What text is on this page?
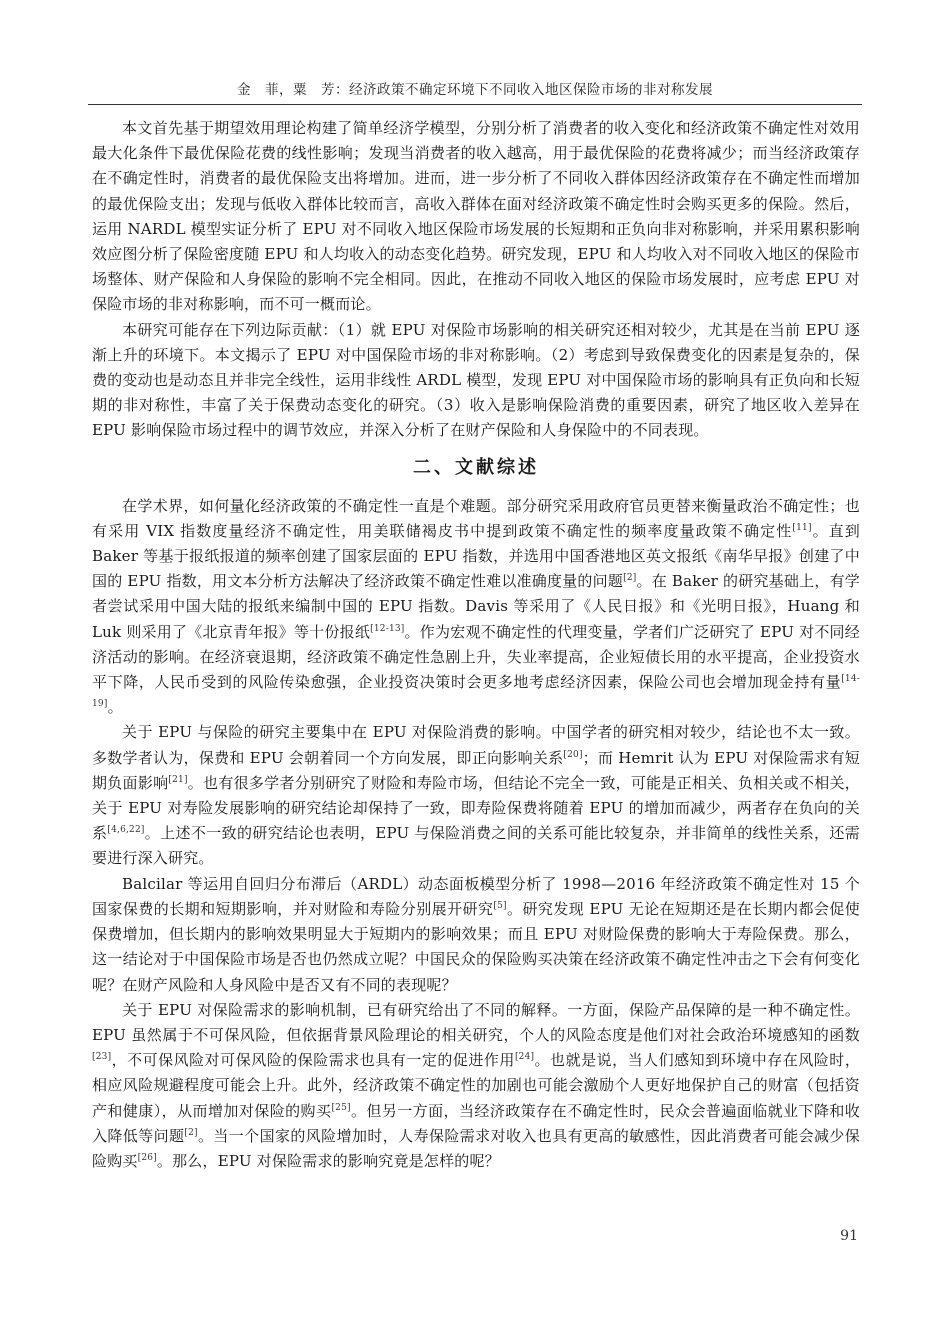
金　菲，粟　芳：经济政策不确定环境下不同收入地区保险市场的非对称发展

本文首先基于期望效用理论构建了简单经济学模型，分别分析了消费者的收入变化和经济政策不确定性对效用最大化条件下最优保险花费的线性影响；发现当消费者的收入越高，用于最优保险的花费将减少；而当经济政策存在不确定性时，消费者的最优保险支出将增加。进而，进一步分析了不同收入群体因经济政策存在不确定性而增加的最优保险支出；发现与低收入群体比较而言，高收入群体在面对经济政策不确定性时会购买更多的保险。然后，运用 NARDL 模型实证分析了 EPU 对不同收入地区保险市场发展的长短期和正负向非对称影响，并采用累积影响效应图分析了保险密度随 EPU 和人均收入的动态变化趋势。研究发现，EPU 和人均收入对不同收入地区的保险市场整体、财产保险和人身保险的影响不完全相同。因此，在推动不同收入地区的保险市场发展时，应考虑 EPU 对保险市场的非对称影响，而不可一概而论。

本研究可能存在下列边际贡献：（1）就 EPU 对保险市场影响的相关研究还相对较少，尤其是在当前 EPU 逐渐上升的环境下。本文揭示了 EPU 对中国保险市场的非对称影响。（2）考虑到导致保费变化的因素是复杂的，保费的变动也是动态且并非完全线性，运用非线性 ARDL 模型，发现 EPU 对中国保险市场的影响具有正负向和长短期的非对称性，丰富了关于保费动态变化的研究。（3）收入是影响保险消费的重要因素，研究了地区收入差异在 EPU 影响保险市场过程中的调节效应，并深入分析了在财产保险和人身保险中的不同表现。

二、文献综述

在学术界，如何量化经济政策的不确定性一直是个难题。部分研究采用政府官员更替来衡量政治不确定性；也有采用 VIX 指数度量经济不确定性，用美联储褐皮书中提到政策不确定性的频率度量政策不确定性[11]。直到 Baker 等基于报纸报道的频率创建了国家层面的 EPU 指数，并选用中国香港地区英文报纸《南华早报》创建了中国的 EPU 指数，用文本分析方法解决了经济政策不确定性难以准确度量的问题[2]。在 Baker 的研究基础上，有学者尝试采用中国大陆的报纸来编制中国的 EPU 指数。Davis 等采用了《人民日报》和《光明日报》，Huang 和 Luk 则采用了《北京青年报》等十份报纸[12-13]。作为宏观不确定性的代理变量，学者们广泛研究了 EPU 对不同经济活动的影响。在经济衰退期，经济政策不确定性急剧上升，失业率提高，企业短债长用的水平提高，企业投资水平下降，人民币受到的风险传染愈强，企业投资决策时会更多地考虑经济因素，保险公司也会增加现金持有量[14-19]。

关于 EPU 与保险的研究主要集中在 EPU 对保险消费的影响。中国学者的研究相对较少，结论也不太一致。多数学者认为，保费和 EPU 会朝着同一个方向发展，即正向影响关系[20]；而 Hemrit 认为 EPU 对保险需求有短期负面影响[21]。也有很多学者分别研究了财险和寿险市场，但结论不完全一致，可能是正相关、负相关或不相关，关于 EPU 对寿险发展影响的研究结论却保持了一致，即寿险保费将随着 EPU 的增加而减少，两者存在负向的关系[4,6,22]。上述不一致的研究结论也表明，EPU 与保险消费之间的关系可能比较复杂，并非简单的线性关系，还需要进行深入研究。

Balcilar 等运用自回归分布滞后（ARDL）动态面板模型分析了 1998—2016 年经济政策不确定性对 15 个国家保费的长期和短期影响，并对财险和寿险分别展开研究[5]。研究发现 EPU 无论在短期还是在长期内都会促使保费增加，但长期内的影响效果明显大于短期内的影响效果；而且 EPU 对财险保费的影响大于寿险保费。那么，这一结论对于中国保险市场是否也仍然成立呢？中国民众的保险购买决策在经济政策不确定性冲击之下会有何变化呢？在财产风险和人身风险中是否又有不同的表现呢？

关于 EPU 对保险需求的影响机制，已有研究给出了不同的解释。一方面，保险产品保障的是一种不确定性。EPU 虽然属于不可保风险，但依据背景风险理论的相关研究，个人的风险态度是他们对社会政治环境感知的函数[23]，不可保风险对可保风险的保险需求也具有一定的促进作用[24]。也就是说，当人们感知到环境中存在风险时，相应风险规避程度可能会上升。此外，经济政策不确定性的加剧也可能会激励个人更好地保护自己的财富（包括资产和健康），从而增加对保险的购买[25]。但另一方面，当经济政策存在不确定性时，民众会普遍面临就业下降和收入降低等问题[2]。当一个国家的风险增加时，人寿保险需求对收入也具有更高的敏感性，因此消费者可能会减少保险购买[26]。那么，EPU 对保险需求的影响究竟是怎样的呢？

91
